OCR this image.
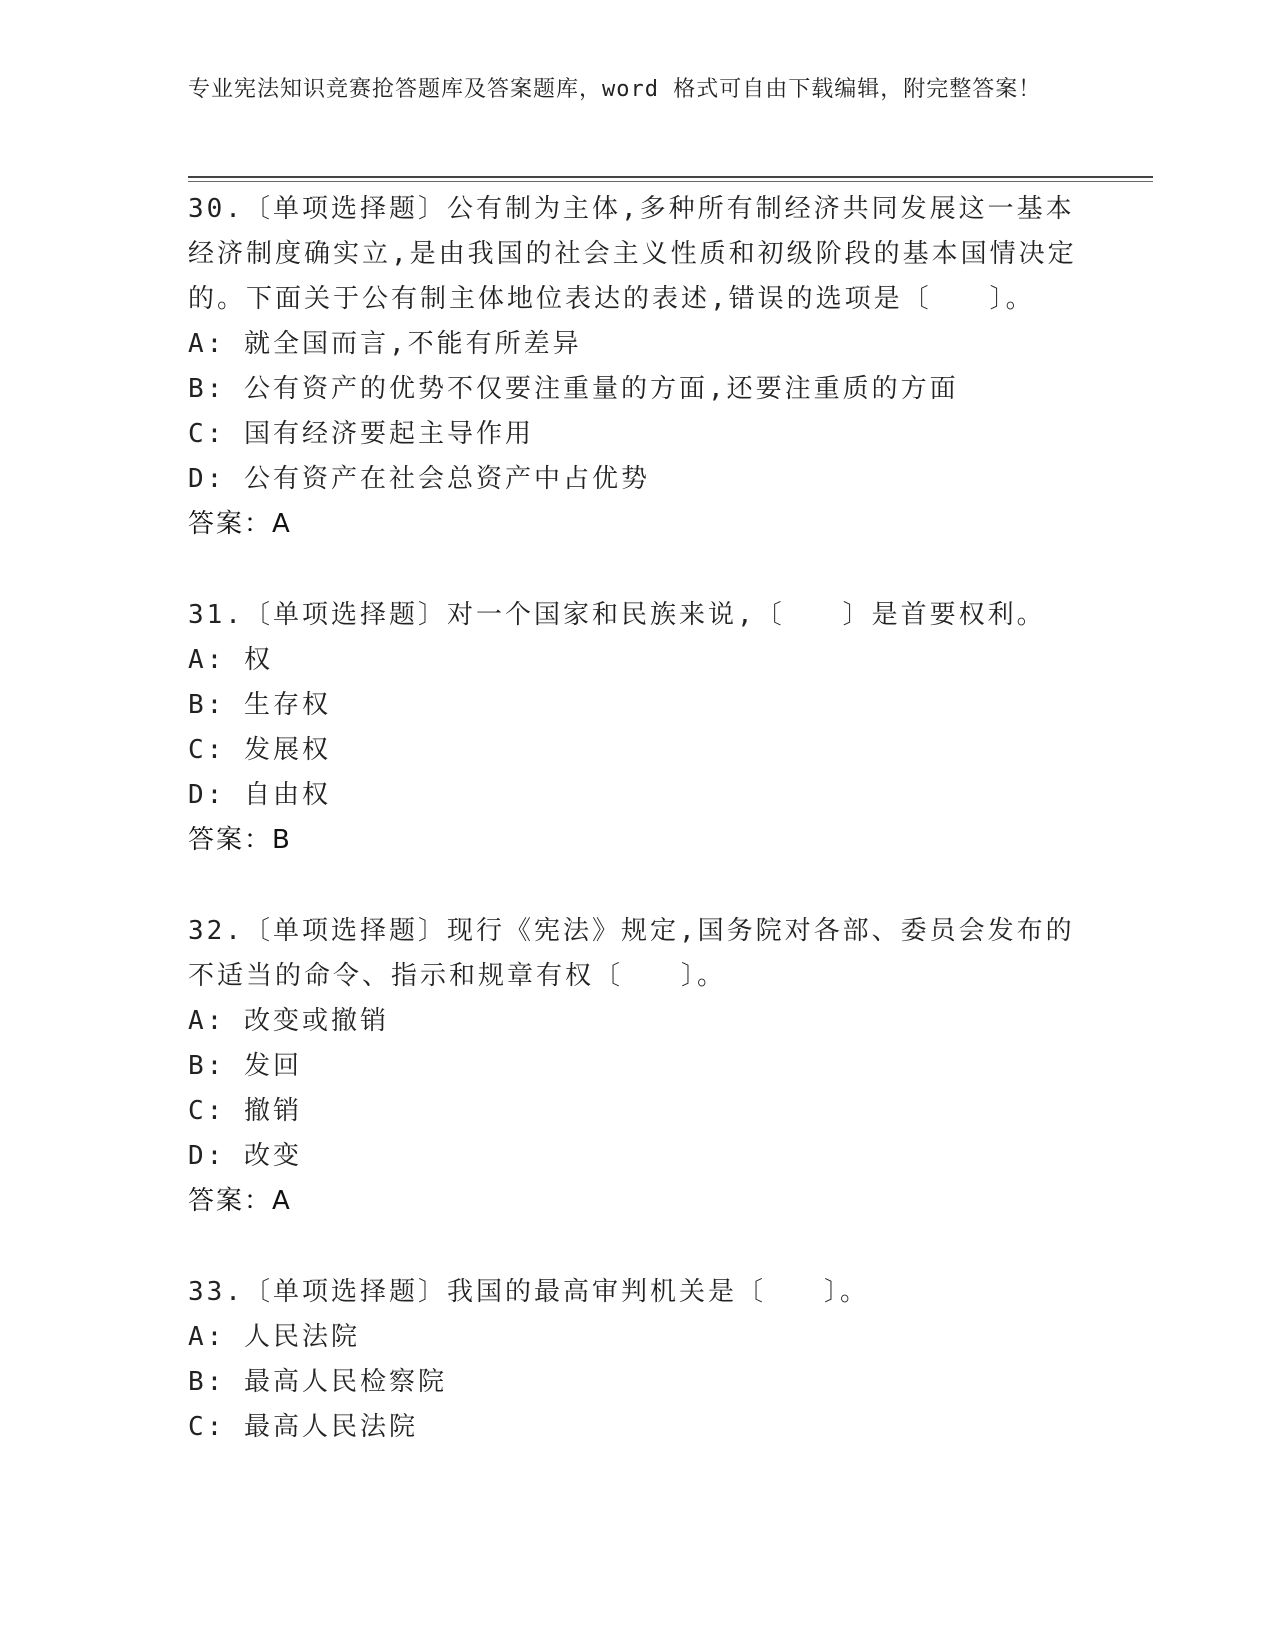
专业宪法知识竞赛抢答题库及答案题库，word 格式可自由下载编辑，附完整答案！
30.〔单项选择题〕公有制为主体,多种所有制经济共同发展这一基本经济制度确实立,是由我国的社会主义性质和初级阶段的基本国情决定的。下面关于公有制主体地位表达的表述,错误的选项是〔　　〕。
A: 就全国而言,不能有所差异
B: 公有资产的优势不仅要注重量的方面,还要注重质的方面
C: 国有经济要起主导作用
D: 公有资产在社会总资产中占优势
答案：A
31.〔单项选择题〕对一个国家和民族来说,〔　　〕是首要权利。
A: 权
B: 生存权
C: 发展权
D: 自由权
答案：B
32.〔单项选择题〕现行《宪法》规定,国务院对各部、委员会发布的不适当的命令、指示和规章有权〔　　〕。
A: 改变或撤销
B: 发回
C: 撤销
D: 改变
答案：A
33.〔单项选择题〕我国的最高审判机关是〔　　〕。
A: 人民法院
B: 最高人民检察院
C: 最高人民法院
